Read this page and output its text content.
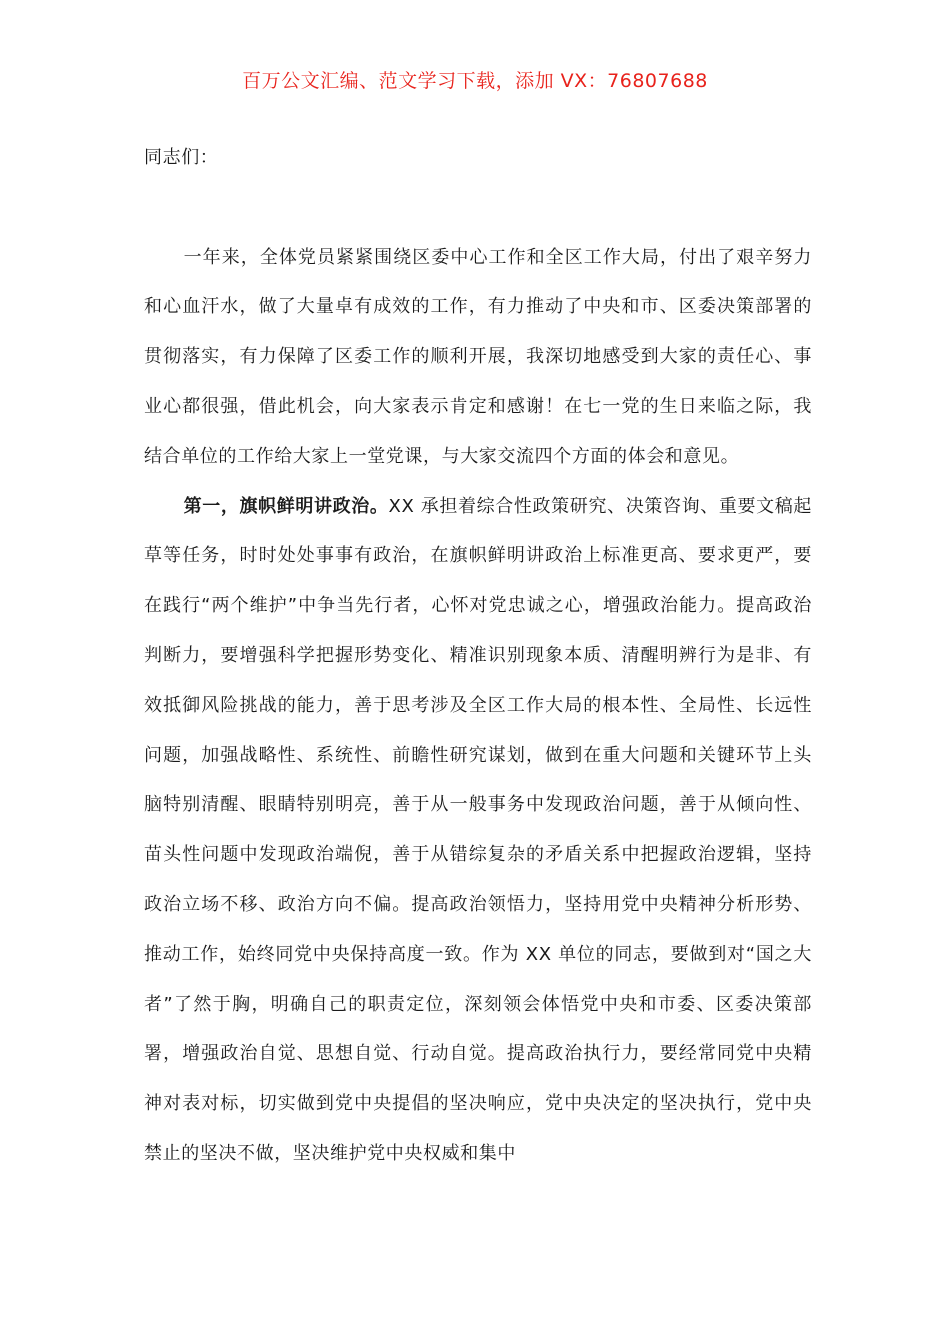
百万公文汇编、范文学习下载，添加 VX：76807688

同志们：

一年来，全体党员紧紧围绕区委中心工作和全区工作大局，付出了艰辛努力和心血汗水，做了大量卓有成效的工作，有力推动了中央和市、区委决策部署的贯彻落实，有力保障了区委工作的顺利开展，我深切地感受到大家的责任心、事业心都很强，借此机会，向大家表示肯定和感谢！在七一党的生日来临之际，我结合单位的工作给大家上一堂党课，与大家交流四个方面的体会和意见。

第一，旗帜鲜明讲政治。XX 承担着综合性政策研究、决策咨询、重要文稿起草等任务，时时处处事事有政治，在旗帜鲜明讲政治上标准更高、要求更严，要在践行“两个维护”中争当先行者，心怀对党忠诚之心，增强政治能力。提高政治判断力，要增强科学把握形势变化、精准识别现象本质、清醒明辨行为是非、有效抵御风险挑战的能力，善于思考涉及全区工作大局的根本性、全局性、长远性问题，加强战略性、系统性、前瞻性研究谋划，做到在重大问题和关键环节上头脑特别清醒、眼睛特别明亮，善于从一般事务中发现政治问题，善于从倾向性、苗头性问题中发现政治端倪，善于从错综复杂的矛盾关系中把握政治逻辑，坚持政治立场不移、政治方向不偏。提高政治领悟力，坚持用党中央精神分析形势、推动工作，始终同党中央保持高度一致。作为 XX 单位的同志，要做到对“国之大者”了然于胸，明确自己的职责定位，深刻领会体悟党中央和市委、区委决策部署，增强政治自觉、思想自觉、行动自觉。提高政治执行力，要经常同党中央精神对表对标，切实做到党中央提倡的坚决响应，党中央决定的坚决执行，党中央禁止的坚决不做，坚决维护党中央权威和集中
